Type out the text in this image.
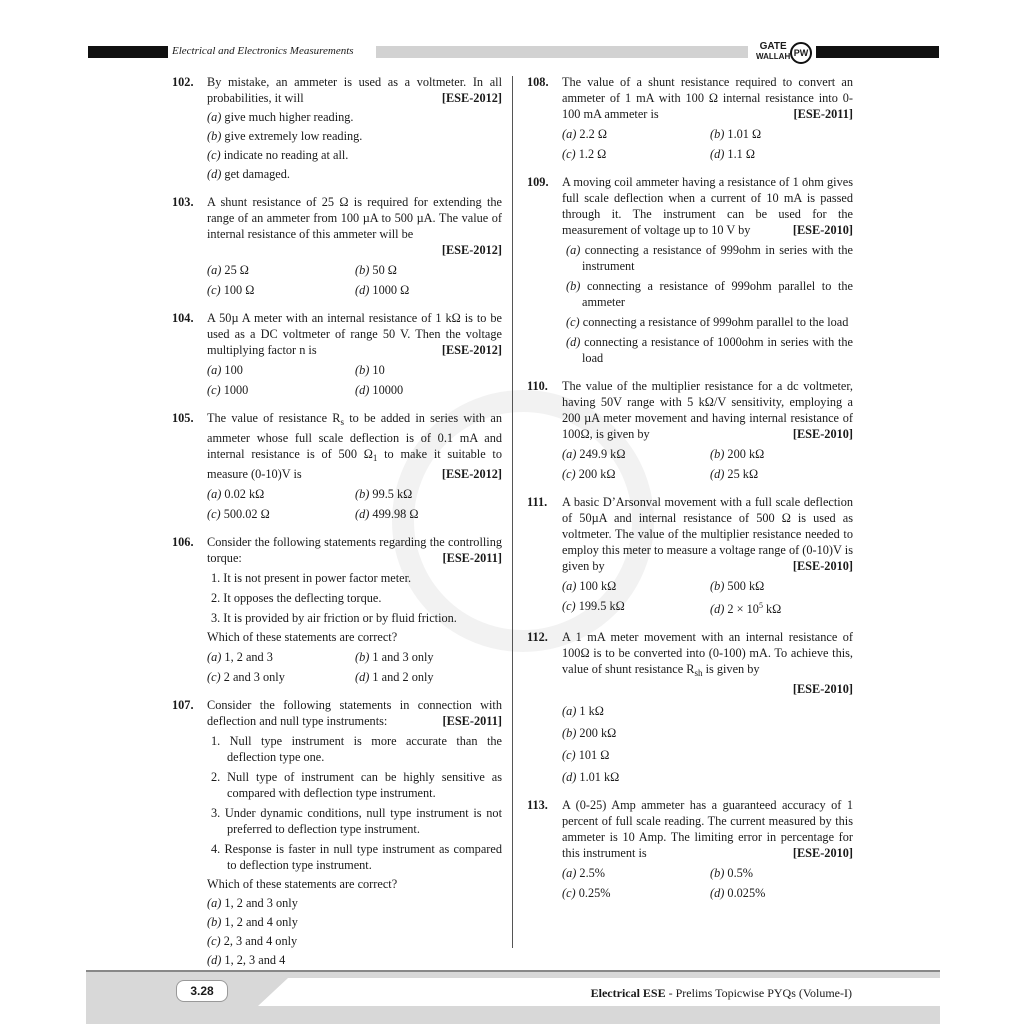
Electrical and Electronics Measurements	GATE
WALLAH PW
102. By mistake, an ammeter is used as a voltmeter. In all probabilities, it will	[ESE-2012]
(a) give much higher reading.
(b) give extremely low reading.
(c) indicate no reading at all.
(d) get damaged.
103. A shunt resistance of 25 Ω is required for extending the range of an ammeter from 100 µA to 500 µA. The value of internal resistance of this ammeter will be
[ESE-2012]
(a) 25 Ω	(b) 50 Ω
(c) 100 Ω	(d) 1000 Ω
104. A 50µ A meter with an internal resistance of 1 kΩ is to be used as a DC voltmeter of range 50 V. Then the voltage multiplying factor n is	[ESE-2012]
(a) 100	(b) 10
(c) 1000	(d) 10000
105. The value of resistance $R_s$ to be added in series with an ammeter whose full scale deflection is of 0.1 mA and internal resistance is of 500 $\Omega_1$ to make it suitable to measure (0-10)V is	[ESE-2012]
(a) 0.02 kΩ	(b) 99.5 kΩ
(c) 500.02 Ω	(d) 499.98 Ω
106. Consider the following statements regarding the controlling torque:	[ESE-2011]
1. It is not present in power factor meter.
2. It opposes the deflecting torque.
3. It is provided by air friction or by fluid friction.
Which of these statements are correct?
(a) 1, 2 and 3	(b) 1 and 3 only
(c) 2 and 3 only	(d) 1 and 2 only
107. Consider the following statements in connection with deflection and null type instruments:	[ESE-2011]
1. Null type instrument is more accurate than the deflection type one.
2. Null type of instrument can be highly sensitive as compared with deflection type instrument.
3. Under dynamic conditions, null type instrument is not preferred to deflection type instrument.
4. Response is faster in null type instrument as compared to deflection type instrument.
Which of these statements are correct?
(a) 1, 2 and 3 only
(b) 1, 2 and 4 only
(c) 2, 3 and 4 only
(d) 1, 2, 3 and 4
108. The value of a shunt resistance required to convert an ammeter of 1 mA with 100 Ω internal resistance into 0-100 mA ammeter is	[ESE-2011]
(a) 2.2 Ω	(b) 1.01 Ω
(c) 1.2 Ω	(d) 1.1 Ω
109. A moving coil ammeter having a resistance of 1 ohm gives full scale deflection when a current of 10 mA is passed through it. The instrument can be used for the measurement of voltage up to 10 V by	[ESE-2010]
(a) connecting a resistance of 999ohm in series with the instrument
(b) connecting a resistance of 999ohm parallel to the ammeter
(c) connecting a resistance of 999ohm parallel to the load
(d) connecting a resistance of 1000ohm in series with the load
110. The value of the multiplier resistance for a dc voltmeter, having 50V range with 5 kΩ/V sensitivity, employing a 200 µA meter movement and having internal resistance of 100Ω, is given by	[ESE-2010]
(a) 249.9 kΩ	(b) 200 kΩ
(c) 200 kΩ	(d) 25 kΩ
111. A basic D’Arsonval movement with a full scale deflection of 50µA and internal resistance of 500 Ω is used as voltmeter. The value of the multiplier resistance needed to employ this meter to measure a voltage range of (0-10)V is given by	[ESE-2010]
(a) 100 kΩ	(b) 500 kΩ
(c) 199.5 kΩ	(d) $2 \times 10^5$ kΩ
112. A 1 mA meter movement with an internal resistance of 100Ω is to be converted into (0-100) mA. To achieve this, value of shunt resistance $R_{sh}$ is given by
[ESE-2010]
(a) 1 kΩ
(b) 200 kΩ
(c) 101 Ω
(d) 1.01 kΩ
113. A (0-25) Amp ammeter has a guaranteed accuracy of 1 percent of full scale reading. The current measured by this ammeter is 10 Amp. The limiting error in percentage for this instrument is	[ESE-2010]
(a) 2.5%	(b) 0.5%
(c) 0.25%	(d) 0.025%
3.28	Electrical ESE - Prelims Topicwise PYQs (Volume-I)
